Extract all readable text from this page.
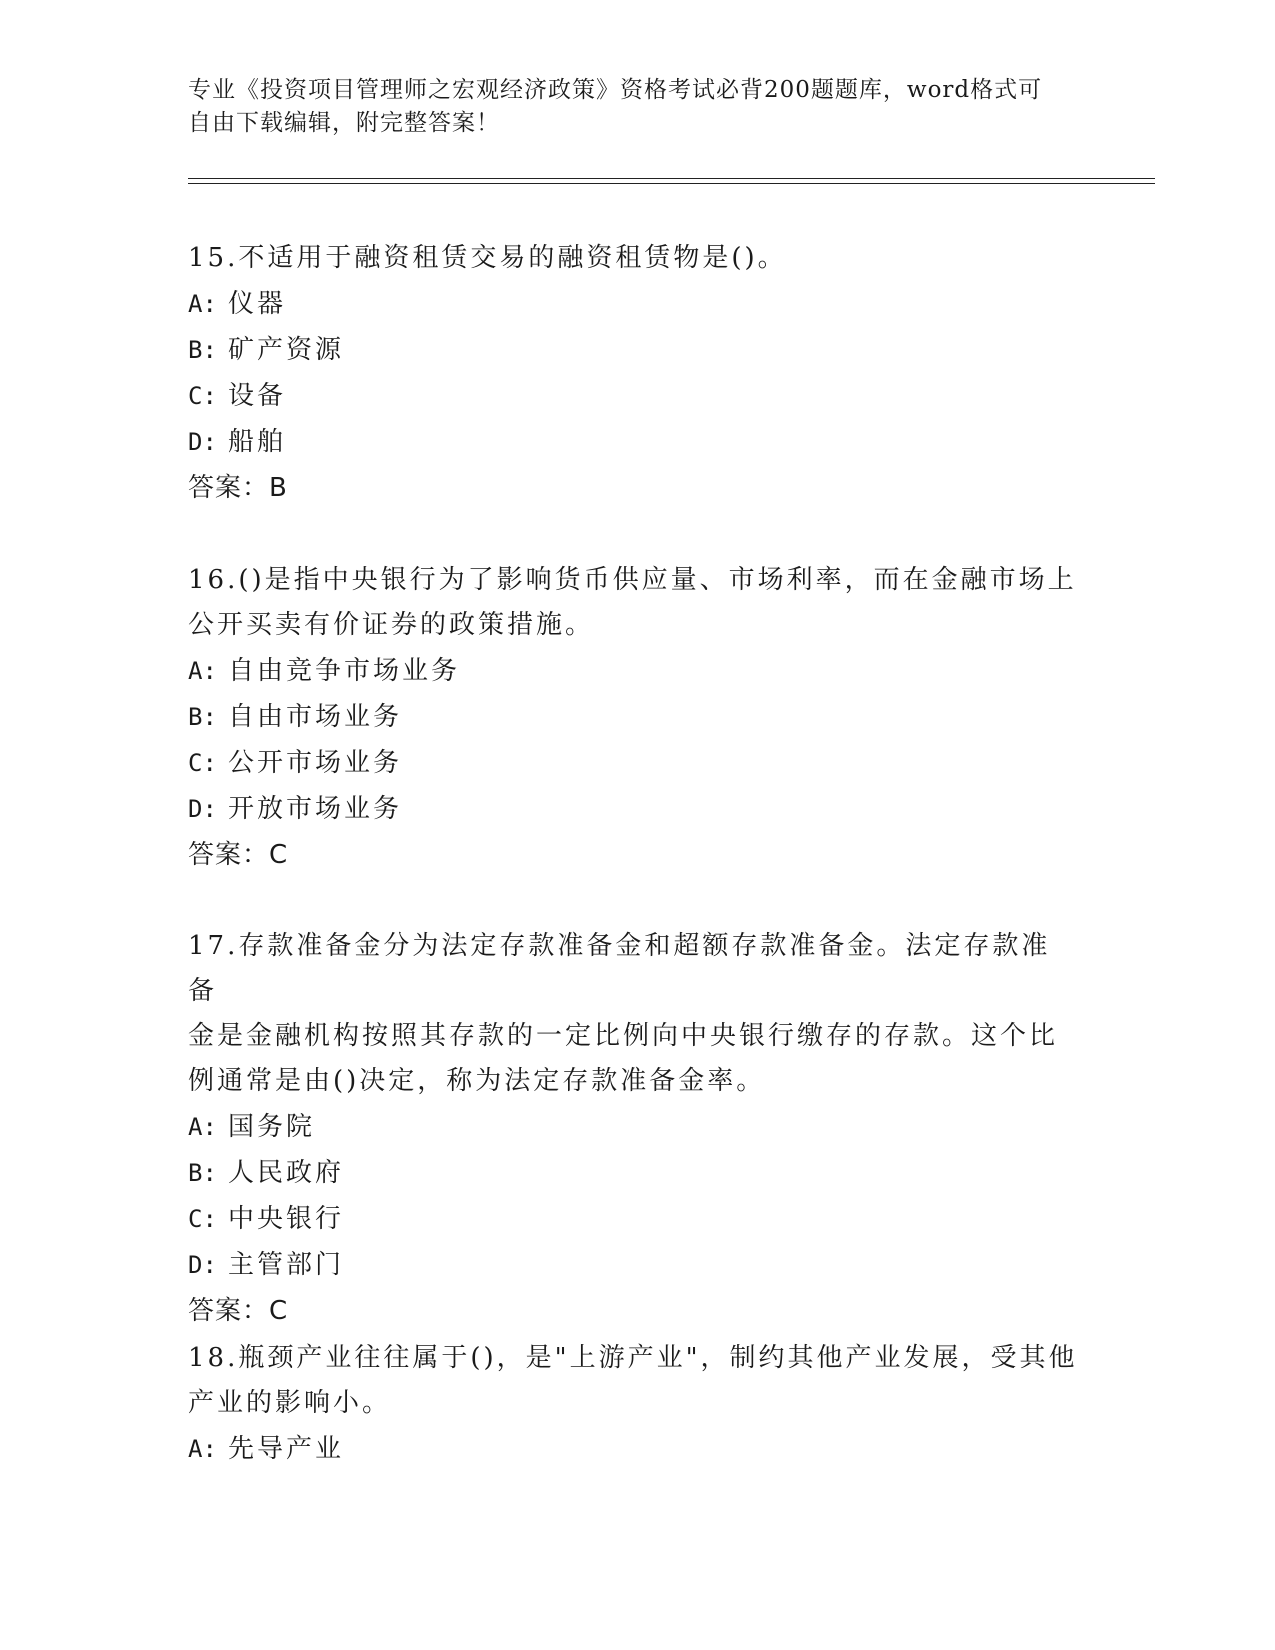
专业《投资项目管理师之宏观经济政策》资格考试必背200题题库，word格式可
自由下载编辑，附完整答案！
15.不适用于融资租赁交易的融资租赁物是()。
A: 仪器
B: 矿产资源
C: 设备
D: 船舶
答案：B
16.()是指中央银行为了影响货币供应量、市场利率，而在金融市场上
公开买卖有价证券的政策措施。
A: 自由竞争市场业务
B: 自由市场业务
C: 公开市场业务
D: 开放市场业务
答案：C
17.存款准备金分为法定存款准备金和超额存款准备金。法定存款准备
金是金融机构按照其存款的一定比例向中央银行缴存的存款。这个比
例通常是由()决定，称为法定存款准备金率。
A: 国务院
B: 人民政府
C: 中央银行
D: 主管部门
答案：C
18.瓶颈产业往往属于()，是"上游产业"，制约其他产业发展，受其他
产业的影响小。
A: 先导产业
